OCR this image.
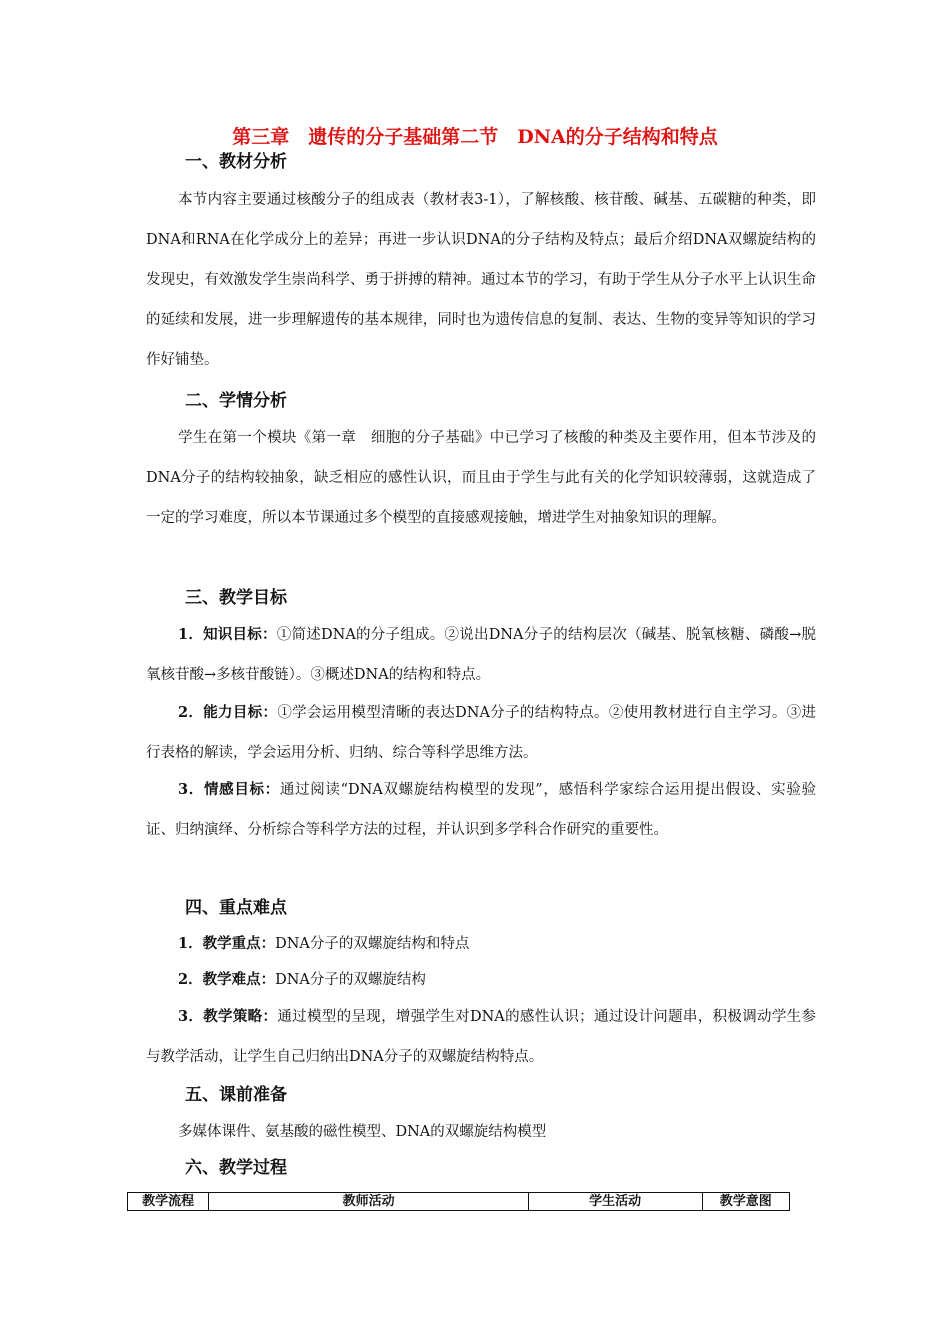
第三章　遗传的分子基础第二节　DNA的分子结构和特点
一、教材分析
本节内容主要通过核酸分子的组成表（教材表3-1），了解核酸、核苷酸、碱基、五碳糖的种类，即DNA和RNA在化学成分上的差异；再进一步认识DNA的分子结构及特点；最后介绍DNA双螺旋结构的发现史，有效激发学生崇尚科学、勇于拼搏的精神。通过本节的学习，有助于学生从分子水平上认识生命的延续和发展，进一步理解遗传的基本规律，同时也为遗传信息的复制、表达、生物的变异等知识的学习作好铺垫。
二、学情分析
学生在第一个模块《第一章　细胞的分子基础》中已学习了核酸的种类及主要作用，但本节涉及的DNA分子的结构较抽象，缺乏相应的感性认识，而且由于学生与此有关的化学知识较薄弱，这就造成了一定的学习难度，所以本节课通过多个模型的直接感观接触，增进学生对抽象知识的理解。
三、教学目标
1．知识目标：①简述DNA的分子组成。②说出DNA分子的结构层次（碱基、脱氧核糖、磷酸→脱氧核苷酸→多核苷酸链）。③概述DNA的结构和特点。
2．能力目标：①学会运用模型清晰的表达DNA分子的结构特点。②使用教材进行自主学习。③进行表格的解读，学会运用分析、归纳、综合等科学思维方法。
3．情感目标：通过阅读“DNA双螺旋结构模型的发现”，感悟科学家综合运用提出假设、实验验证、归纳演绎、分析综合等科学方法的过程，并认识到多学科合作研究的重要性。
四、重点难点
1．教学重点：DNA分子的双螺旋结构和特点
2．教学难点：DNA分子的双螺旋结构
3．教学策略：通过模型的呈现，增强学生对DNA的感性认识；通过设计问题串，积极调动学生参与教学活动，让学生自己归纳出DNA分子的双螺旋结构特点。
五、课前准备
多媒体课件、氨基酸的磁性模型、DNA的双螺旋结构模型
六、教学过程
教学流程	教师活动	学生活动	教学意图
